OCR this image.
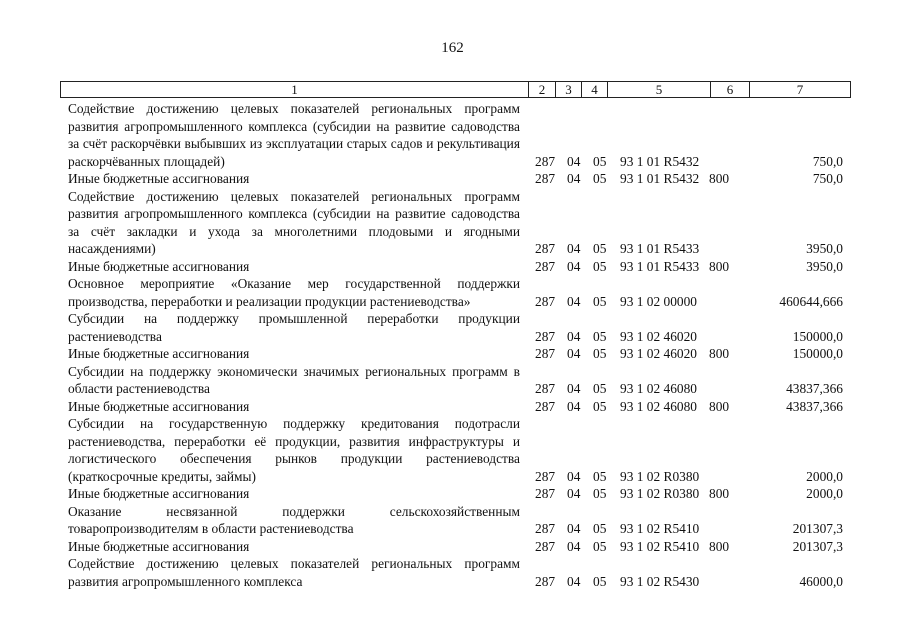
162
1	2	3	4	5	6	7
Содействие достижению целевых показателей региональных программ развития агропромышленного комплекса (субсидии на развитие садоводства за счёт раскорчёвки выбывших из эксплуатации старых садов и рекультивация раскорчёванных площадей)	287 04 05 93 1 01 R5432	750,0
Иные бюджетные ассигнования	287 04 05 93 1 01 R5432 800	750,0
Содействие достижению целевых показателей региональных программ развития агропромышленного комплекса (субсидии на развитие садоводства за счёт закладки и ухода за многолетними плодовыми и ягодными насаждениями)	287 04 05 93 1 01 R5433	3950,0
Иные бюджетные ассигнования	287 04 05 93 1 01 R5433 800	3950,0
Основное мероприятие «Оказание мер государственной поддержки производства, переработки и реализации продукции растениеводства»	287 04 05 93 1 02 00000	460644,666
Субсидии на поддержку промышленной переработки продукции растениеводства	287 04 05 93 1 02 46020	150000,0
Иные бюджетные ассигнования	287 04 05 93 1 02 46020 800	150000,0
Субсидии на поддержку экономически значимых региональных программ в области растениеводства	287 04 05 93 1 02 46080	43837,366
Иные бюджетные ассигнования	287 04 05 93 1 02 46080 800	43837,366
Субсидии на государственную поддержку кредитования подотрасли растениеводства, переработки её продукции, развития инфраструктуры и логистического обеспечения рынков продукции растениеводства (краткосрочные кредиты, займы)	287 04 05 93 1 02 R0380	2000,0
Иные бюджетные ассигнования	287 04 05 93 1 02 R0380 800	2000,0
Оказание несвязанной поддержки сельскохозяйственным товаропроизводителям в области растениеводства	287 04 05 93 1 02 R5410	201307,3
Иные бюджетные ассигнования	287 04 05 93 1 02 R5410 800	201307,3
Содействие достижению целевых показателей региональных программ развития агропромышленного комплекса	287 04 05 93 1 02 R5430	46000,0
